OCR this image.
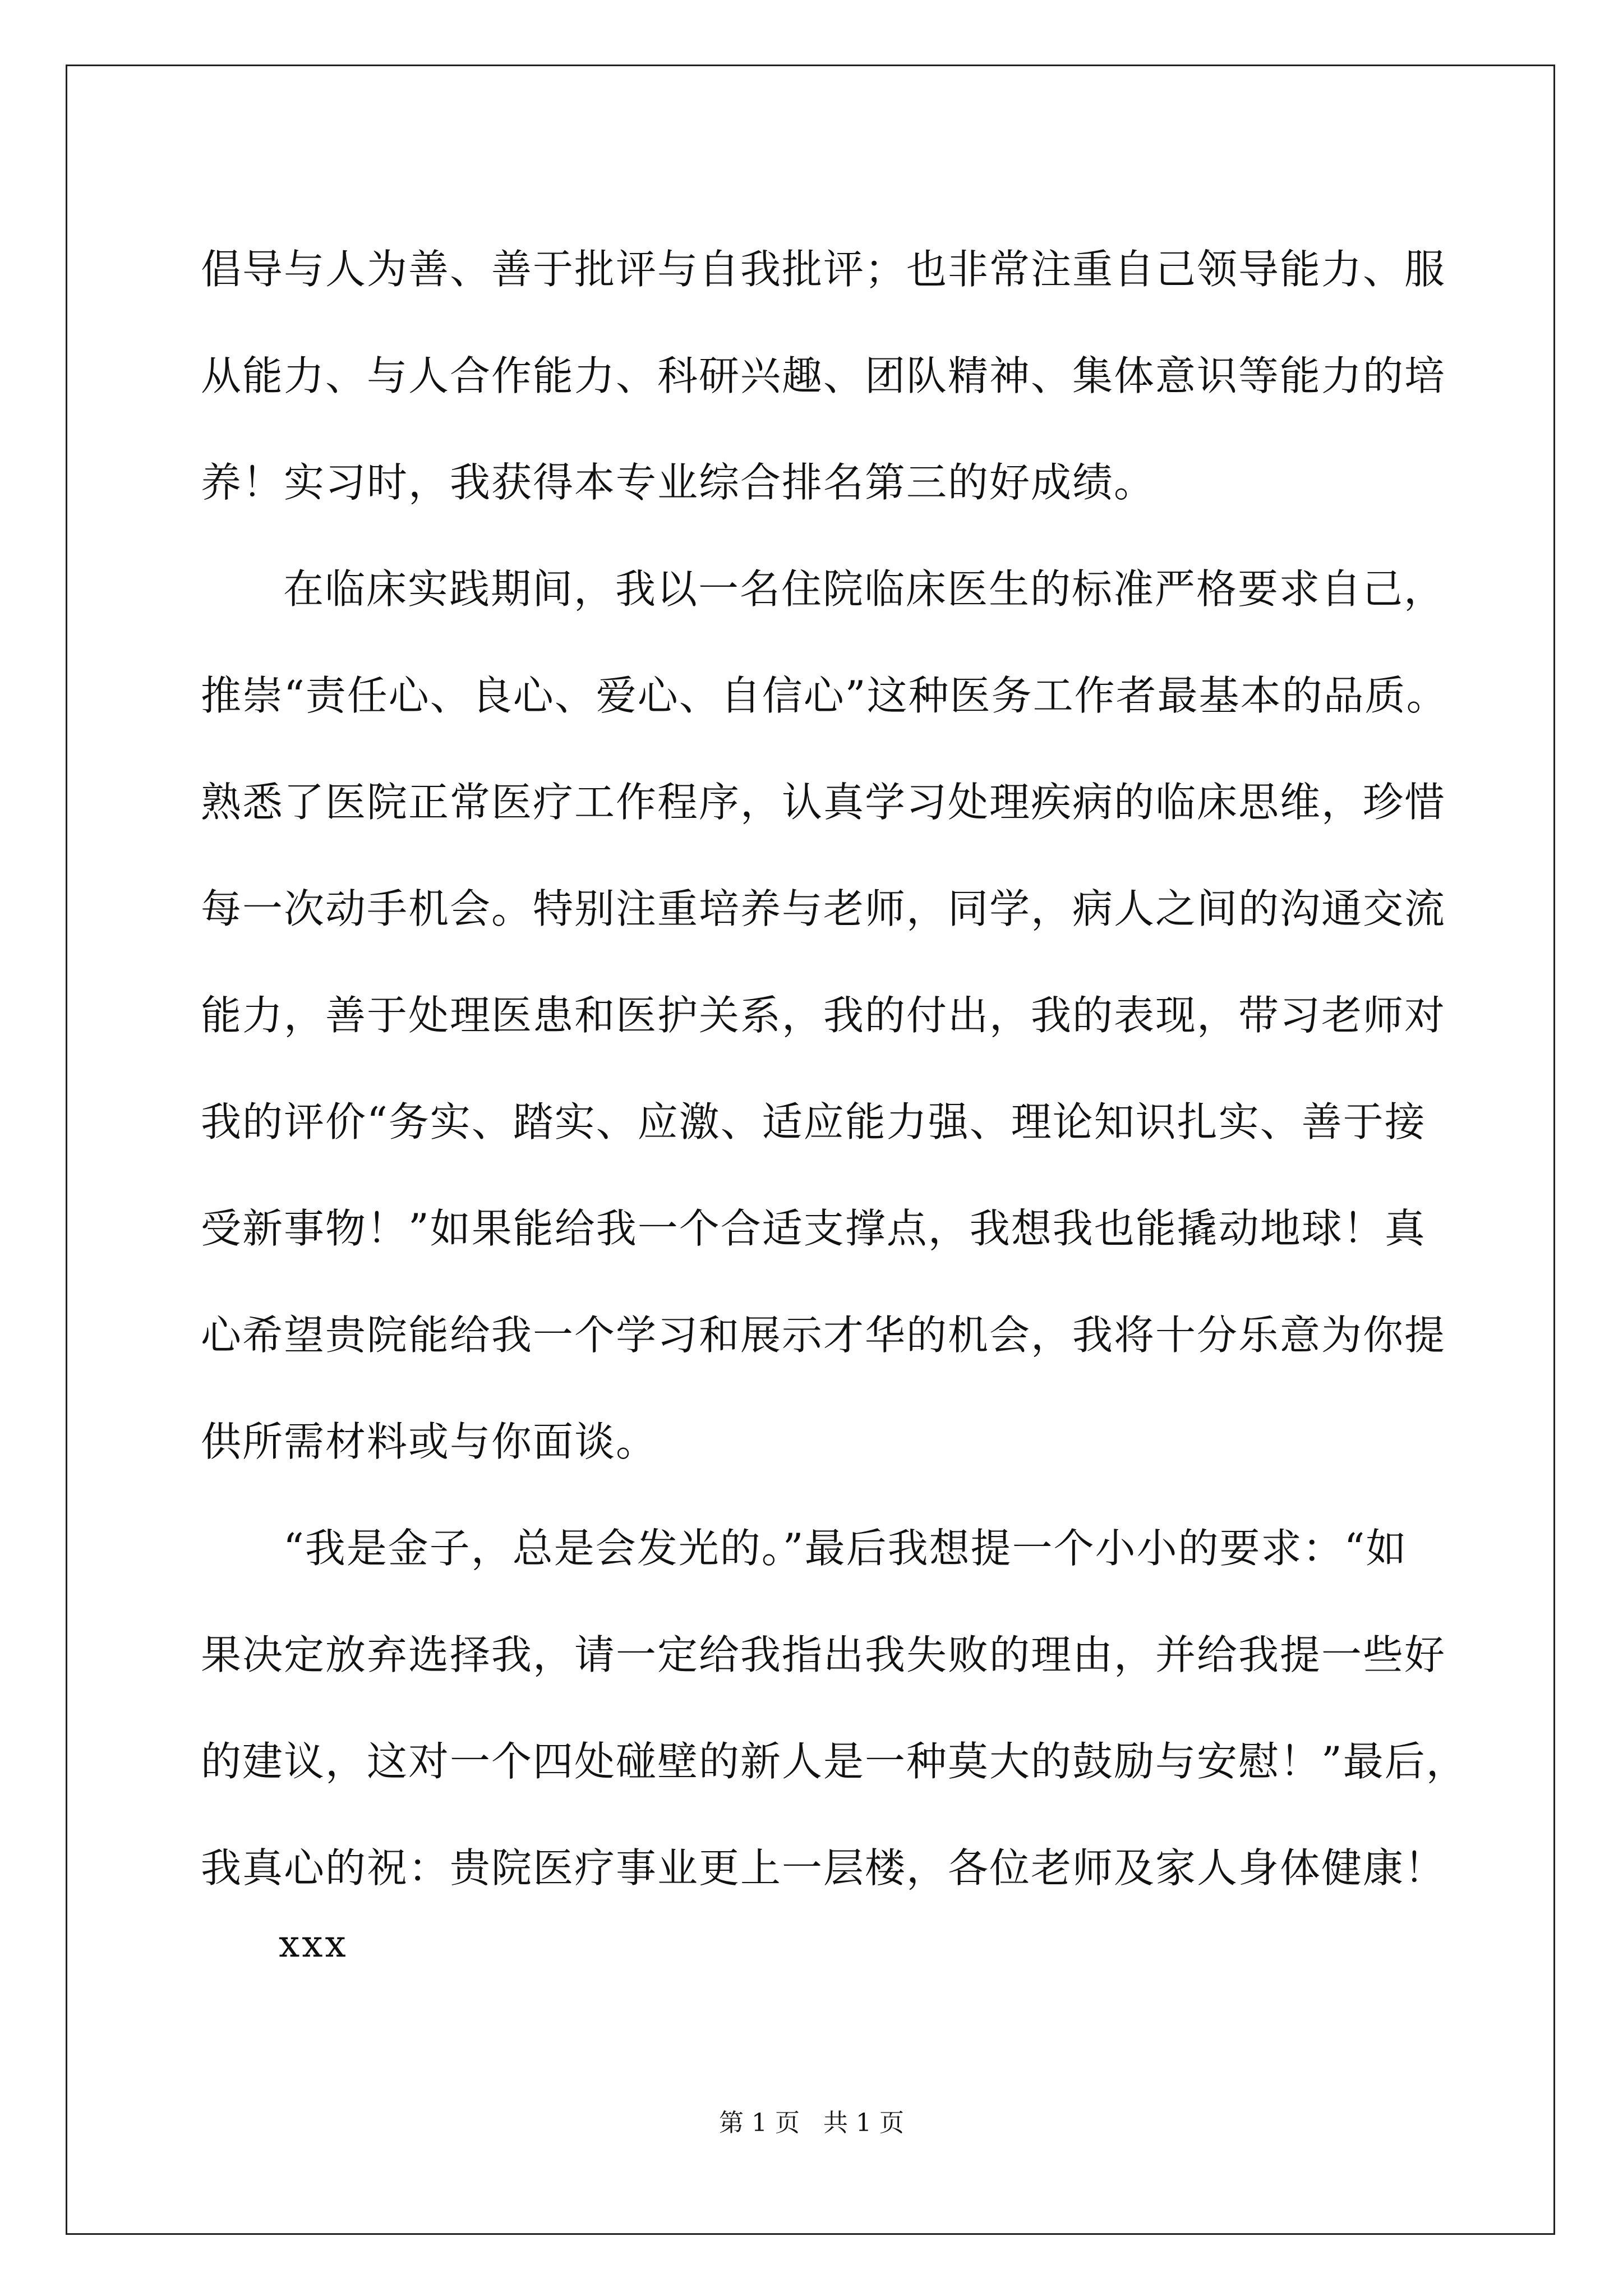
倡导与人为善、善于批评与自我批评；也非常注重自己领导能力、服
从能力、与人合作能力、科研兴趣、团队精神、集体意识等能力的培
养！实习时，我获得本专业综合排名第三的好成绩。
在临床实践期间，我以一名住院临床医生的标准严格要求自己，
推崇“责任心、良心、爱心、自信心”这种医务工作者最基本的品质。
熟悉了医院正常医疗工作程序，认真学习处理疾病的临床思维，珍惜
每一次动手机会。特别注重培养与老师，同学，病人之间的沟通交流
能力，善于处理医患和医护关系，我的付出，我的表现，带习老师对
我的评价“务实、踏实、应激、适应能力强、理论知识扎实、善于接
受新事物！”如果能给我一个合适支撑点，我想我也能撬动地球！真
心希望贵院能给我一个学习和展示才华的机会，我将十分乐意为你提
供所需材料或与你面谈。
“我是金子，总是会发光的。”最后我想提一个小小的要求：“如
果决定放弃选择我，请一定给我指出我失败的理由，并给我提一些好
的建议，这对一个四处碰壁的新人是一种莫大的鼓励与安慰！”最后，
我真心的祝：贵院医疗事业更上一层楼，各位老师及家人身体健康！
xxx
第 1 页   共 1 页
